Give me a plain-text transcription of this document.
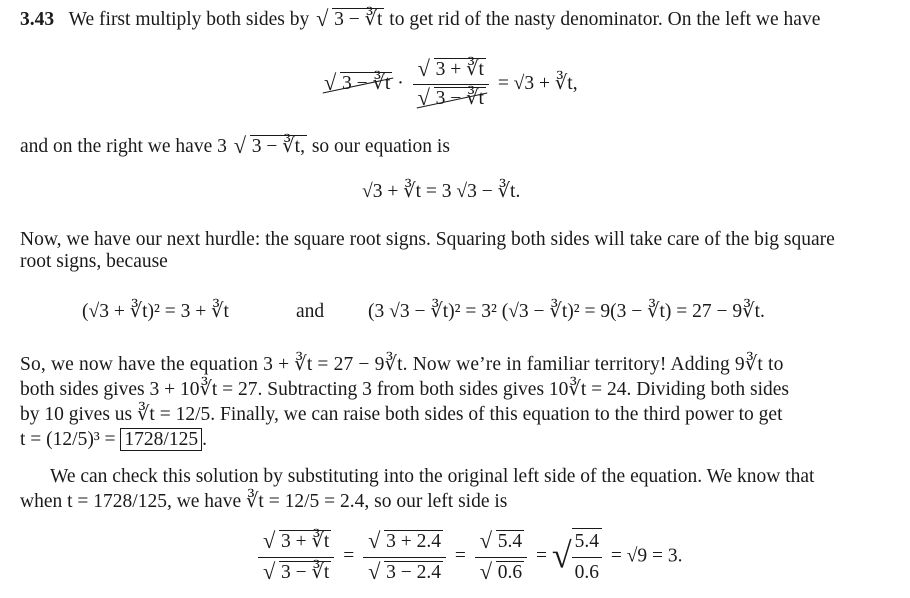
3.43 We first multiply both sides by √ 3 − ∛t to get rid of the nasty denominator. On the left we have
√ 3 − ∛t · √ 3 + ∛t
√ 3 − ∛t = √3 + ∛t,
and on the right we have 3 √ 3 − ∛t, so our equation is
√3 + ∛t = 3 √3 − ∛t.
Now, we have our next hurdle: the square root signs. Squaring both sides will take care of the big square
root signs, because
(√3 + ∛t)² = 3 + ∛t	and (3 √3 − ∛t)² = 3² (√3 − ∛t)² = 9(3 − ∛t) = 27 − 9∛t.
So, we now have the equation 3 + ∛t = 27 − 9∛t. Now we’re in familiar territory! Adding 9∛t to
both sides gives 3 + 10∛t = 27. Subtracting 3 from both sides gives 10∛t = 24. Dividing both sides
by 10 gives us ∛t = 12/5. Finally, we can raise both sides of this equation to the third power to get
t = (12/5)³ = 1728/125 .
We can check this solution by substituting into the original left side of the equation. We know that
when t = 1728/125, we have ∛t = 12/5 = 2.4, so our left side is
√ 3 + ∛t
√ 3 − ∛t = √ 3 + 2.4
√ 3 − 2.4 = √ 5.4
√ 0.6 = √ $\frac{5.4}{0.6} = √9 = 3$.
